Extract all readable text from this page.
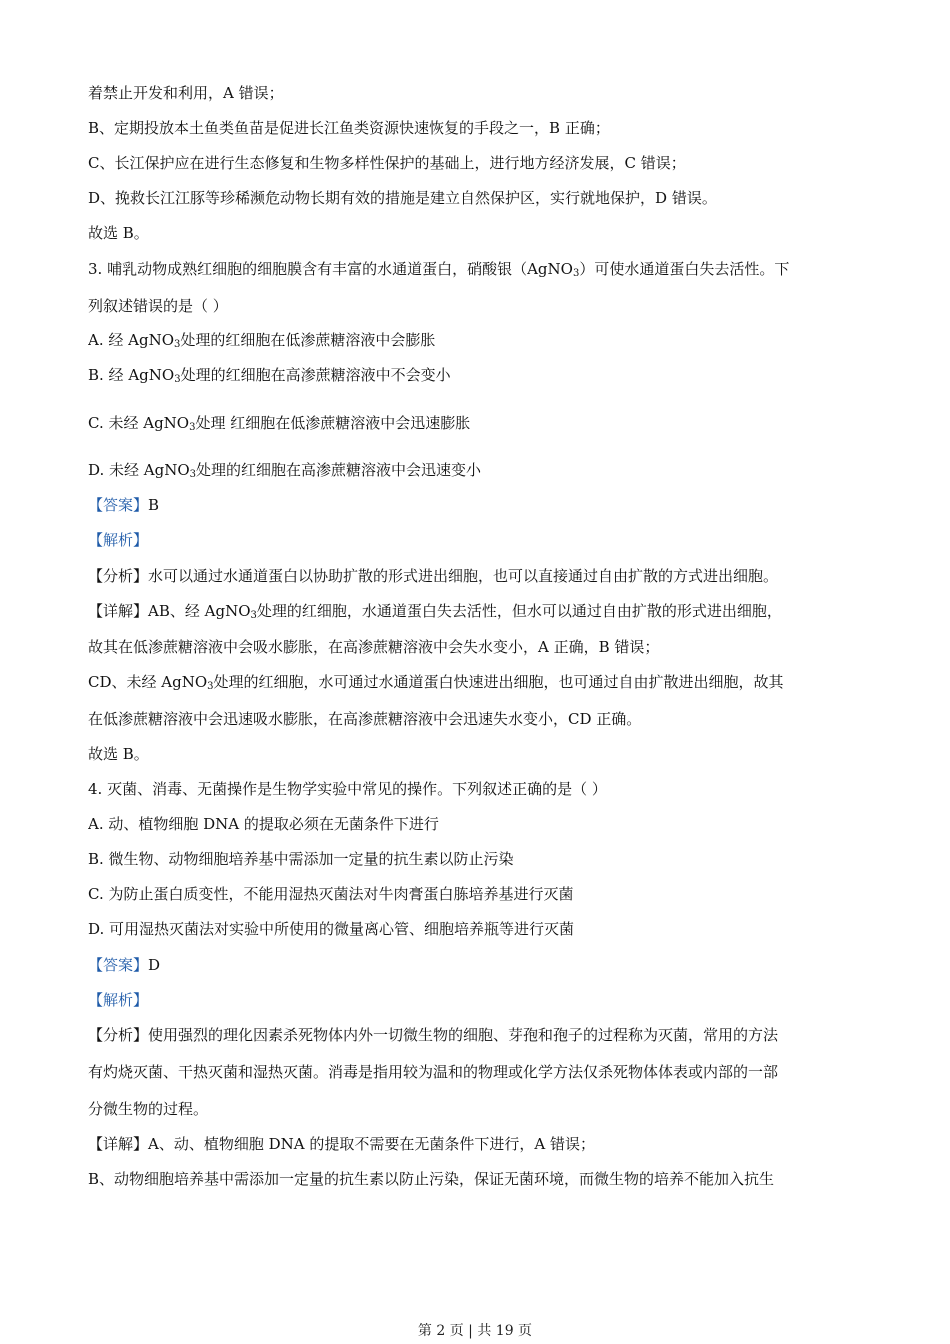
着禁止开发和利用，A 错误；
B、定期投放本土鱼类鱼苗是促进长江鱼类资源快速恢复的手段之一，B 正确；
C、长江保护应在进行生态修复和生物多样性保护的基础上，进行地方经济发展，C 错误；
D、挽救长江江豚等珍稀濒危动物长期有效的措施是建立自然保护区，实行就地保护，D 错误。
故选 B。
3. 哺乳动物成熟红细胞的细胞膜含有丰富的水通道蛋白，硝酸银（AgNO$_3$）可使水通道蛋白失去活性。下
列叙述错误的是（ ）
A. 经 AgNO$_3$处理的红细胞在低渗蔗糖溶液中会膨胀
B. 经 AgNO$_3$处理的红细胞在高渗蔗糖溶液中不会变小
C. 未经 AgNO$_3$处理 红细胞在低渗蔗糖溶液中会迅速膨胀
D. 未经 AgNO$_3$处理的红细胞在高渗蔗糖溶液中会迅速变小
【答案】B
【解析】
【分析】水可以通过水通道蛋白以协助扩散的形式进出细胞，也可以直接通过自由扩散的方式进出细胞。
【详解】AB、经 AgNO$_3$处理的红细胞，水通道蛋白失去活性，但水可以通过自由扩散的形式进出细胞，
故其在低渗蔗糖溶液中会吸水膨胀，在高渗蔗糖溶液中会失水变小，A 正确，B 错误；
CD、未经 AgNO$_3$处理的红细胞，水可通过水通道蛋白快速进出细胞，也可通过自由扩散进出细胞，故其
在低渗蔗糖溶液中会迅速吸水膨胀，在高渗蔗糖溶液中会迅速失水变小，CD 正确。
故选 B。
4. 灭菌、消毒、无菌操作是生物学实验中常见的操作。下列叙述正确的是（ ）
A. 动、植物细胞 DNA 的提取必须在无菌条件下进行
B. 微生物、动物细胞培养基中需添加一定量的抗生素以防止污染
C. 为防止蛋白质变性，不能用湿热灭菌法对牛肉膏蛋白胨培养基进行灭菌
D. 可用湿热灭菌法对实验中所使用的微量离心管、细胞培养瓶等进行灭菌
【答案】D
【解析】
【分析】使用强烈的理化因素杀死物体内外一切微生物的细胞、芽孢和孢子的过程称为灭菌，常用的方法
有灼烧灭菌、干热灭菌和湿热灭菌。消毒是指用较为温和的物理或化学方法仅杀死物体体表或内部的一部
分微生物的过程。
【详解】A、动、植物细胞 DNA 的提取不需要在无菌条件下进行，A 错误；
B、动物细胞培养基中需添加一定量的抗生素以防止污染，保证无菌环境，而微生物的培养不能加入抗生
第 2 页 | 共 19 页
